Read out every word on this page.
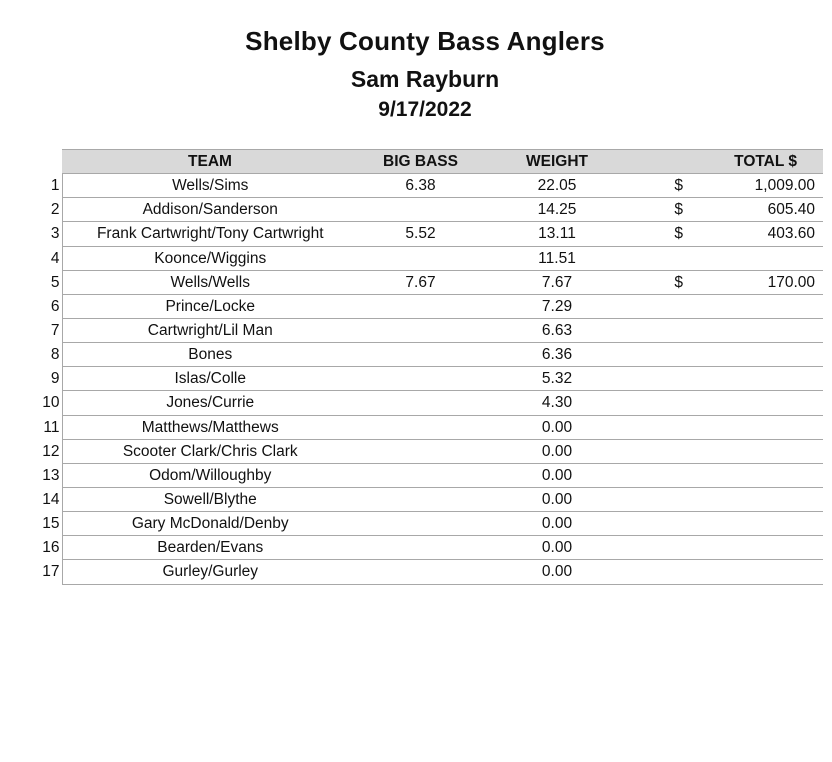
Shelby County Bass Anglers
Sam Rayburn
9/17/2022
	TEAM	BIG BASS	WEIGHT	TOTAL $	
1	Wells/Sims	6.38	22.05	$	1,009.00
2	Addison/Sanderson		14.25	$	605.40
3	Frank Cartwright/Tony Cartwright	5.52	13.11	$	403.60
4	Koonce/Wiggins		11.51		
5	Wells/Wells	7.67	7.67	$	170.00
6	Prince/Locke		7.29		
7	Cartwright/Lil Man		6.63		
8	Bones		6.36		
9	Islas/Colle		5.32		
10	Jones/Currie		4.30		
11	Matthews/Matthews		0.00		
12	Scooter Clark/Chris Clark		0.00		
13	Odom/Willoughby		0.00		
14	Sowell/Blythe		0.00		
15	Gary McDonald/Denby		0.00		
16	Bearden/Evans		0.00		
17	Gurley/Gurley		0.00		
